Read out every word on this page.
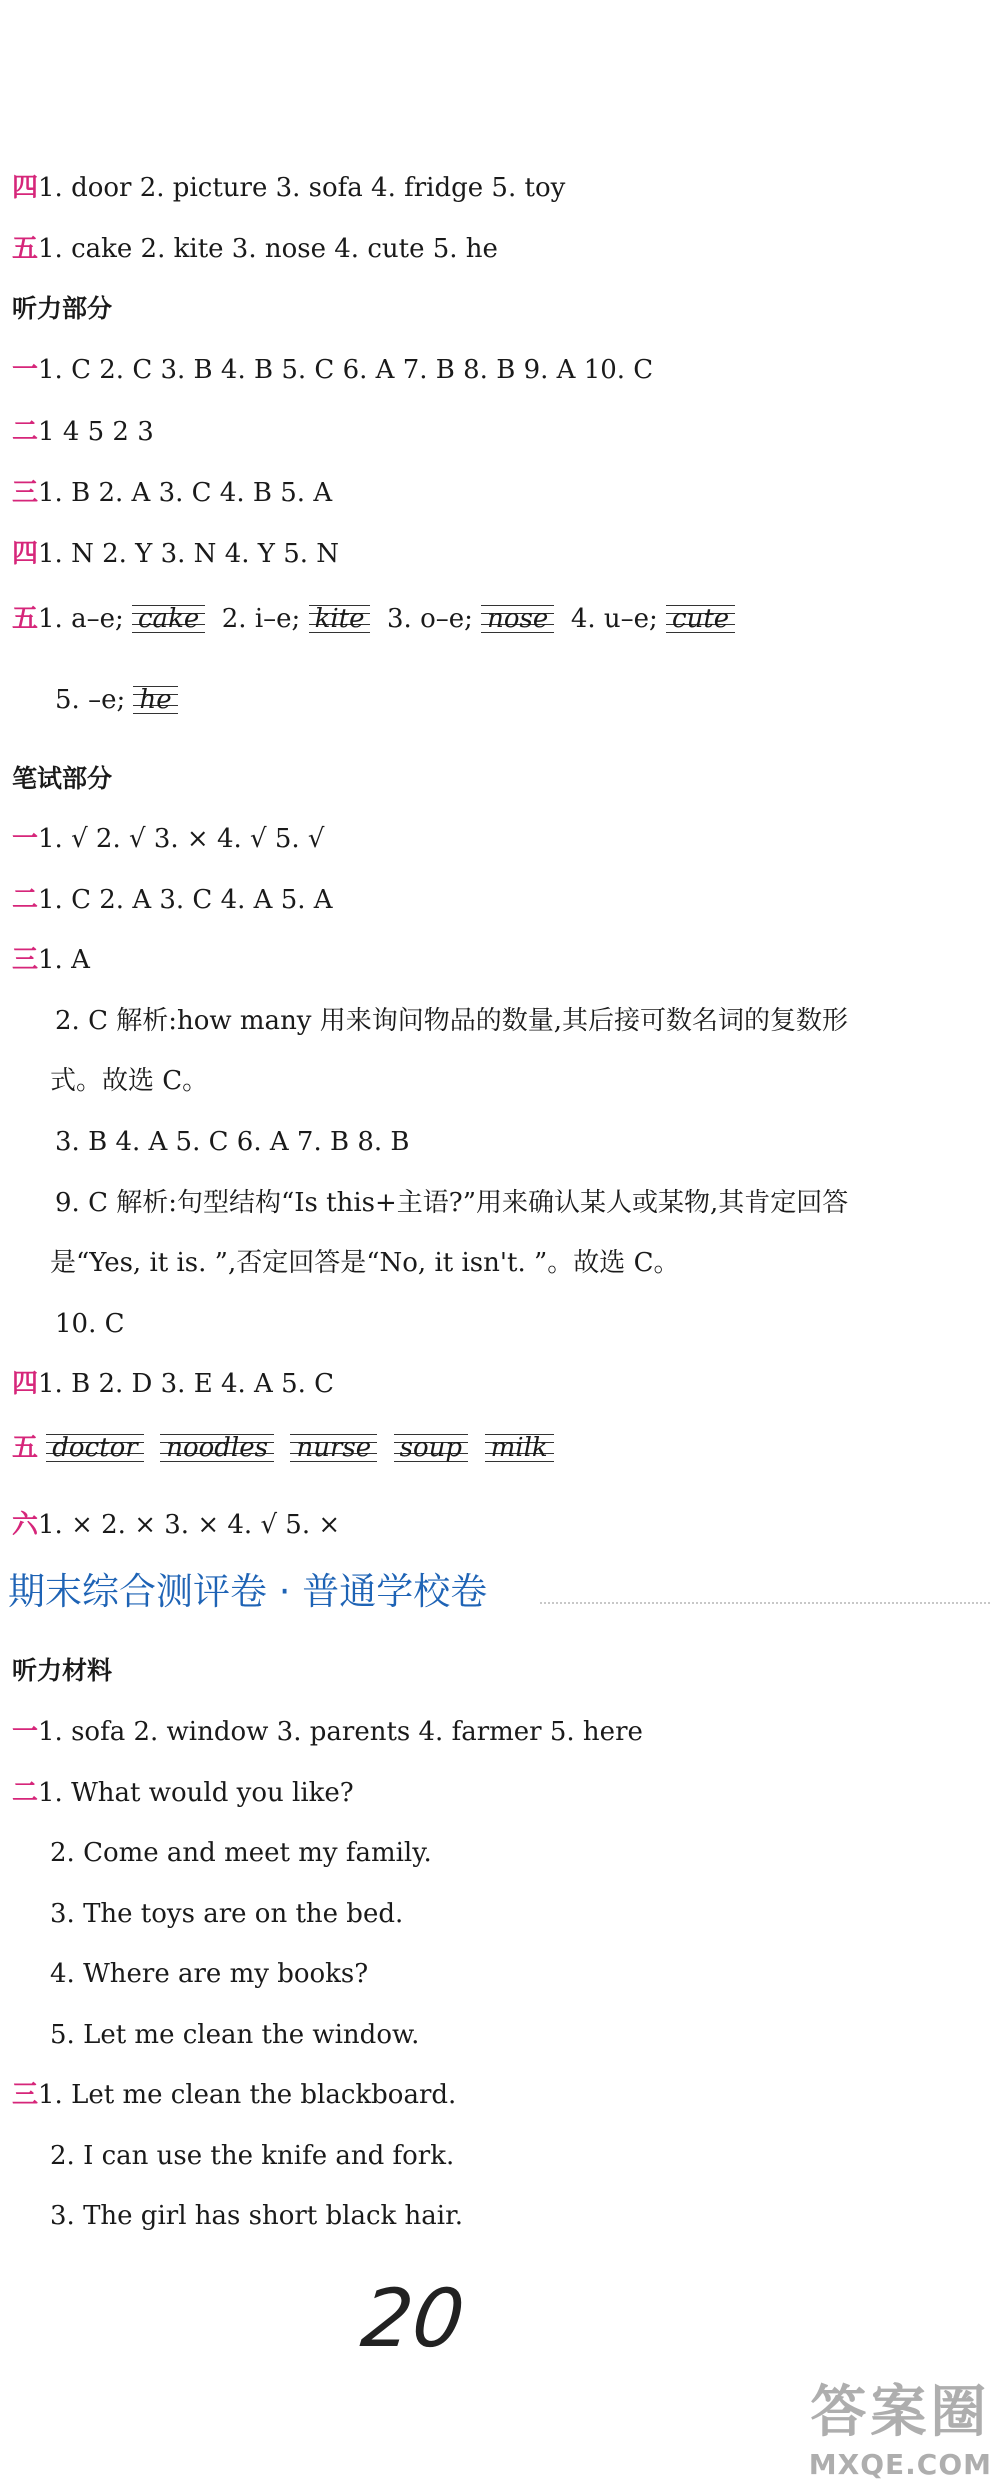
四1. door 2. picture 3. sofa 4. fridge 5. toy
五1. cake 2. kite 3. nose 4. cute 5. he
听力部分
一1. C 2. C 3. B 4. B 5. C 6. A 7. B 8. B 9. A 10. C
二1 4 5 2 3
三1. B 2. A 3. C 4. B 5. A
四1. N 2. Y 3. N 4. Y 5. N
五1. a–e; cake 2. i–e; kite 3. o–e; nose 4. u–e; cute
5. –e; he
笔试部分
一1. √ 2. √ 3. × 4. √ 5. √
二1. C 2. A 3. C 4. A 5. A
三1. A
2. C 解析:how many 用来询问物品的数量,其后接可数名词的复数形
式。故选 C。
3. B 4. A 5. C 6. A 7. B 8. B
9. C 解析:句型结构“Is this+主语?”用来确认某人或某物,其肯定回答
是“Yes, it is. ”,否定回答是“No, it isn't. ”。故选 C。
10. C
四1. B 2. D 3. E 4. A 5. C
五 doctor noodles nurse soup milk
六1. × 2. × 3. × 4. √ 5. ×
期末综合测评卷 · 普通学校卷
听力材料
一1. sofa 2. window 3. parents 4. farmer 5. here
二1. What would you like?
2. Come and meet my family.
3. The toys are on the bed.
4. Where are my books?
5. Let me clean the window.
三1. Let me clean the blackboard.
2. I can use the knife and fork.
3. The girl has short black hair.
20
答案圈
MXQE.COM
